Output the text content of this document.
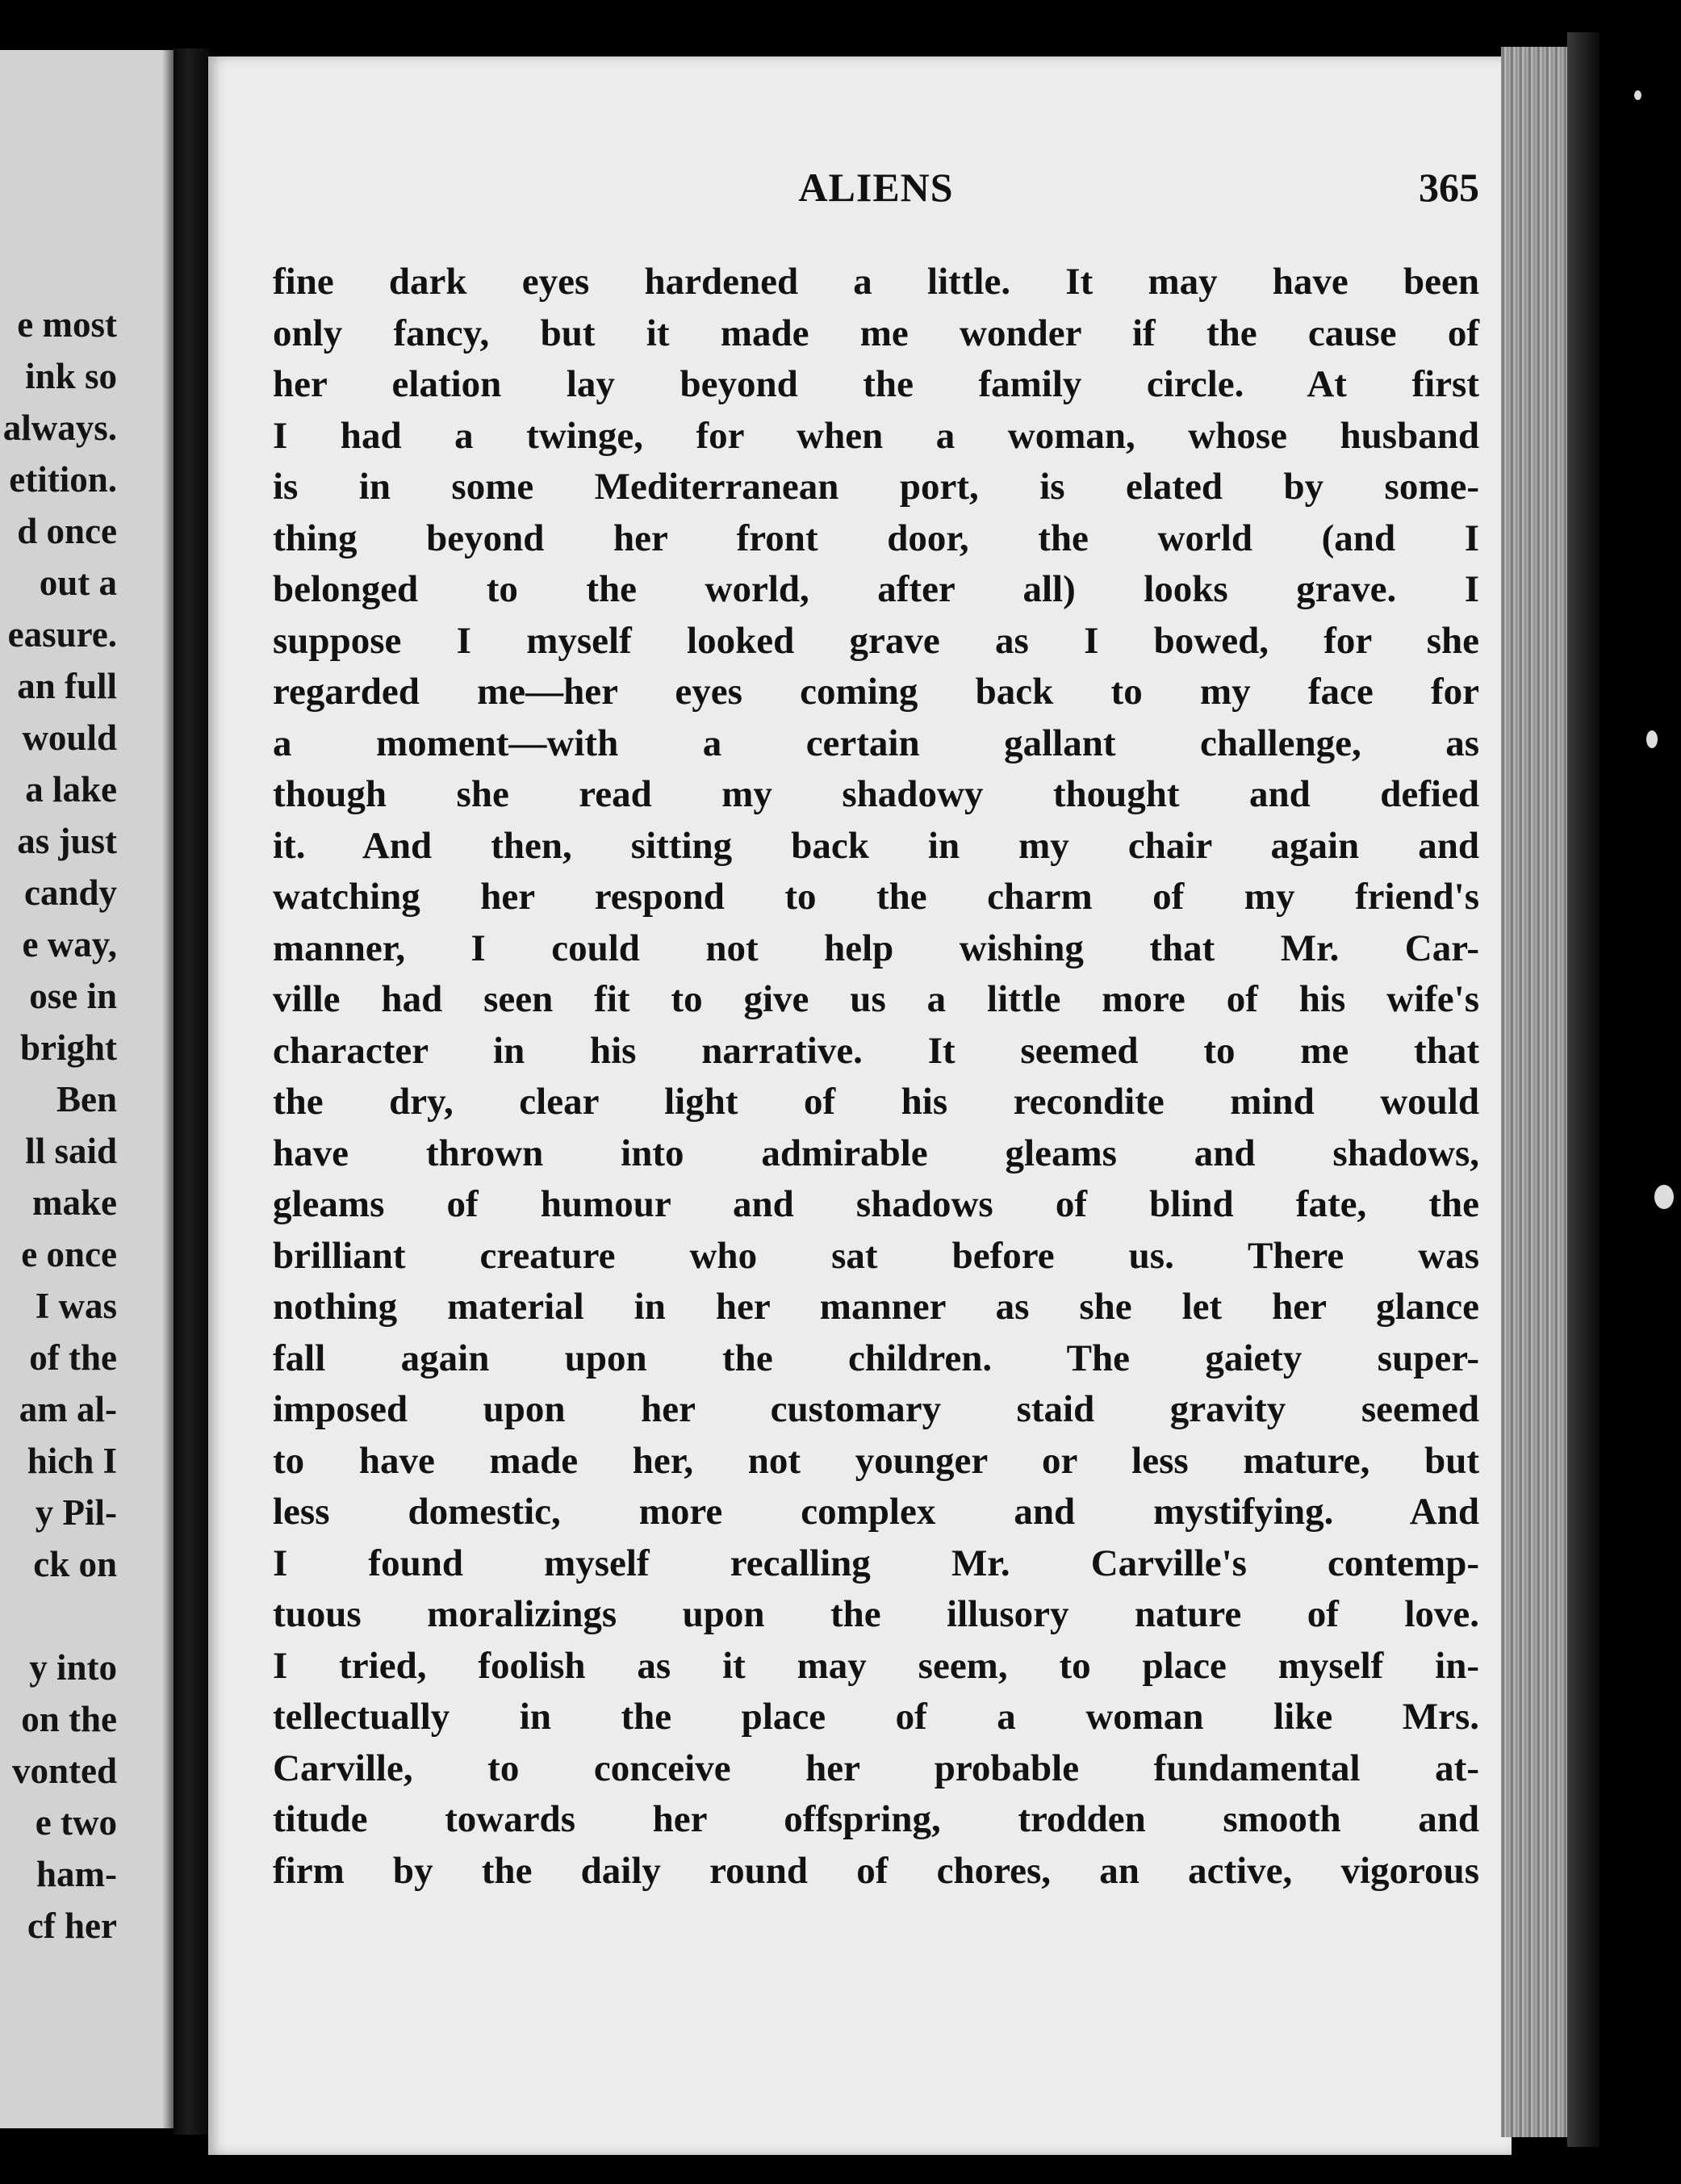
e most
ink so
always.
etition.
d once
out a
easure.
an full
would
a lake
as just
candy
e way,
ose in
bright
Ben
ll said
make
e once
I was
of the
am al-
hich I
y Pil-
ck on
y into
on the
vonted
e two
ham-
cf her
ALIENS	365
fine dark eyes hardened a little. It may have been
only fancy, but it made me wonder if the cause of
her elation lay beyond the family circle. At first
I had a twinge, for when a woman, whose husband
is in some Mediterranean port, is elated by some-
thing beyond her front door, the world (and I
belonged to the world, after all) looks grave. I
suppose I myself looked grave as I bowed, for she
regarded me—her eyes coming back to my face for
a moment—with a certain gallant challenge, as
though she read my shadowy thought and defied
it. And then, sitting back in my chair again and
watching her respond to the charm of my friend's
manner, I could not help wishing that Mr. Car-
ville had seen fit to give us a little more of his wife's
character in his narrative. It seemed to me that
the dry, clear light of his recondite mind would
have thrown into admirable gleams and shadows,
gleams of humour and shadows of blind fate, the
brilliant creature who sat before us. There was
nothing material in her manner as she let her glance
fall again upon the children. The gaiety super-
imposed upon her customary staid gravity seemed
to have made her, not younger or less mature, but
less domestic, more complex and mystifying. And
I found myself recalling Mr. Carville's contemp-
tuous moralizings upon the illusory nature of love.
I tried, foolish as it may seem, to place myself in-
tellectually in the place of a woman like Mrs.
Carville, to conceive her probable fundamental at-
titude towards her offspring, trodden smooth and
firm by the daily round of chores, an active, vigorous
